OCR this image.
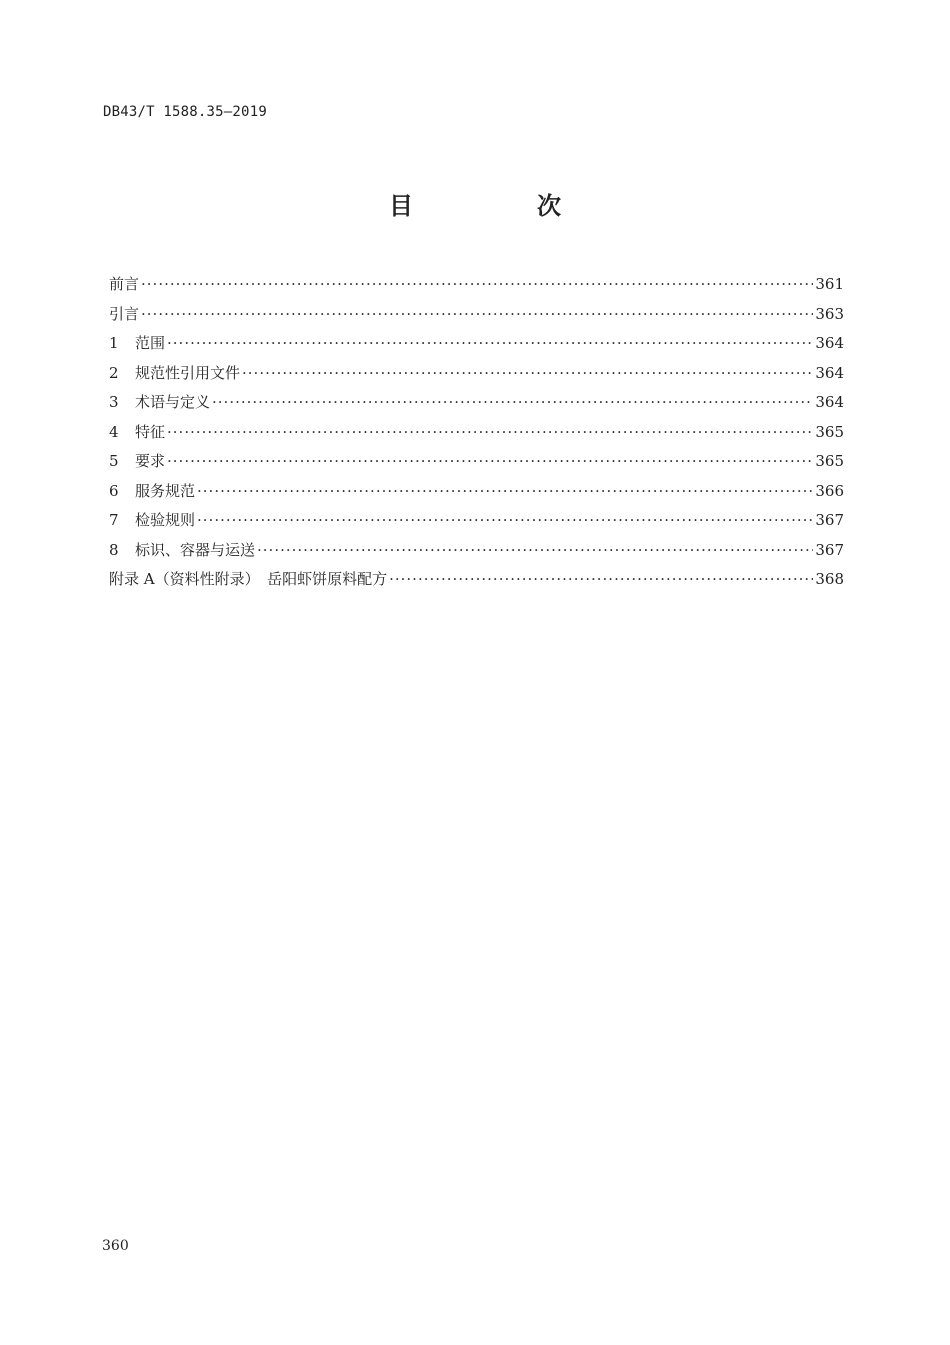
DB43/T 1588.35—2019
目　次
前言 ·····	361
引言 ·····	363
1	范围 ·····	364
2	规范性引用文件 ·····	364
3	术语与定义 ·····	364
4	特征 ·····	365
5	要求 ·····	365
6	服务规范 ·····	366
7	检验规则 ·····	367
8	标识、容器与运送 ·····	367
附录 A（资料性附录）　岳阳虾饼原料配方 ·····	368
360
